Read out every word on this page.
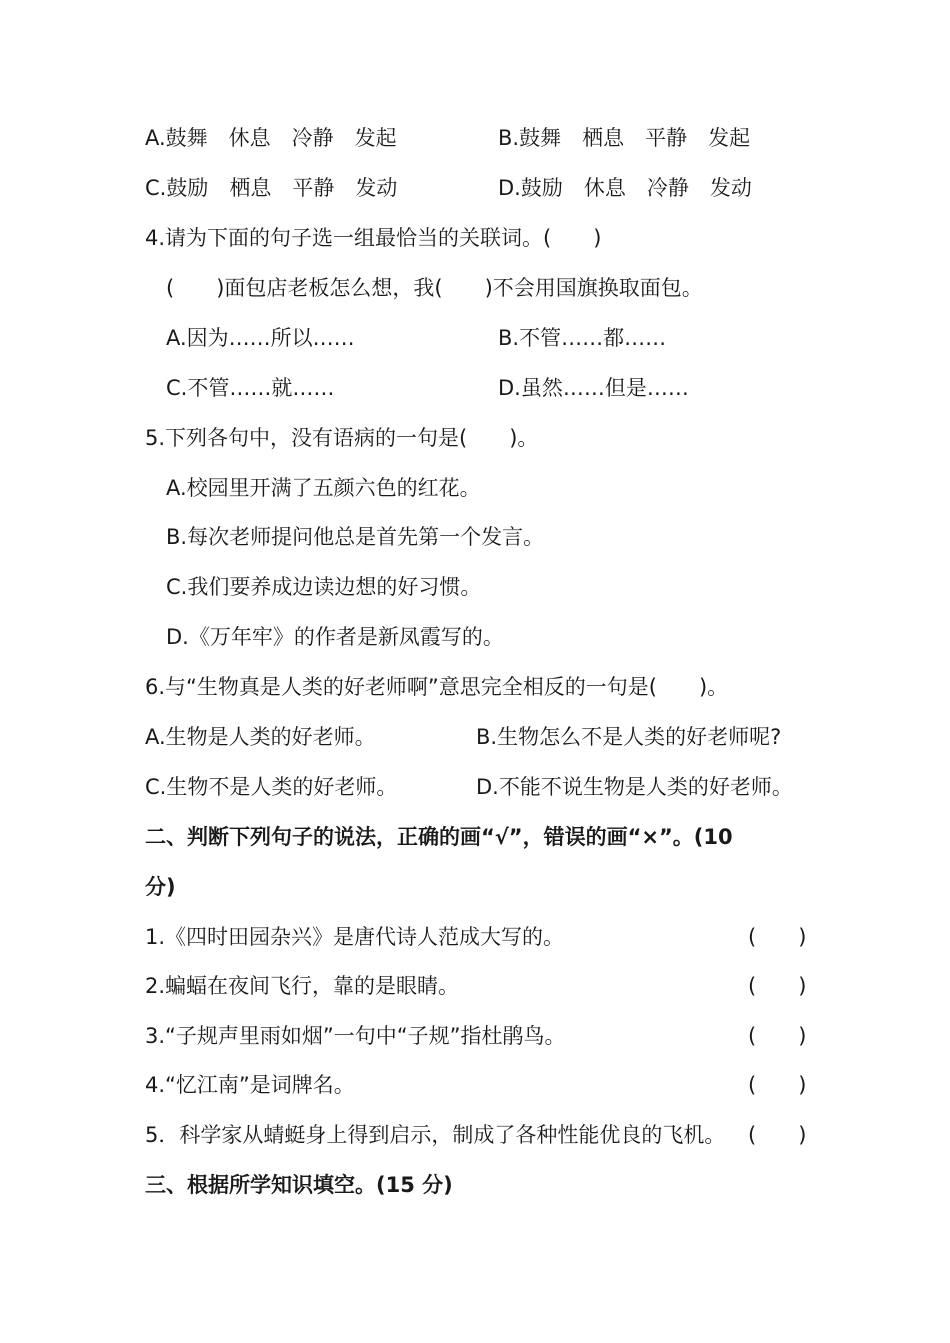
A.鼓舞　休息　冷静　发起	B.鼓舞　栖息　平静　发起
C.鼓励　栖息　平静　发动	D.鼓励　休息　冷静　发动
4.请为下面的句子选一组最恰当的关联词。(　　)
(　　)面包店老板怎么想，我(　　)不会用国旗换取面包。
A.因为……所以……	B.不管……都……
C.不管……就……	D.虽然……但是……
5.下列各句中，没有语病的一句是(　　)。
A.校园里开满了五颜六色的红花。
B.每次老师提问他总是首先第一个发言。
C.我们要养成边读边想的好习惯。
D.《万年牢》的作者是新凤霞写的。
6.与“生物真是人类的好老师啊”意思完全相反的一句是(　　)。
A.生物是人类的好老师。	B.生物怎么不是人类的好老师呢?
C.生物不是人类的好老师。	D.不能不说生物是人类的好老师。
二、判断下列句子的说法，正确的画“√”，错误的画“×”。(10
分)
1.《四时田园杂兴》是唐代诗人范成大写的。	(　　)
2.蝙蝠在夜间飞行，靠的是眼睛。	(　　)
3.“子规声里雨如烟”一句中“子规”指杜鹃鸟。	(　　)
4.“忆江南”是词牌名。	(　　)
5．科学家从蜻蜓身上得到启示，制成了各种性能优良的飞机。 (　　)
三、根据所学知识填空。(15 分)
